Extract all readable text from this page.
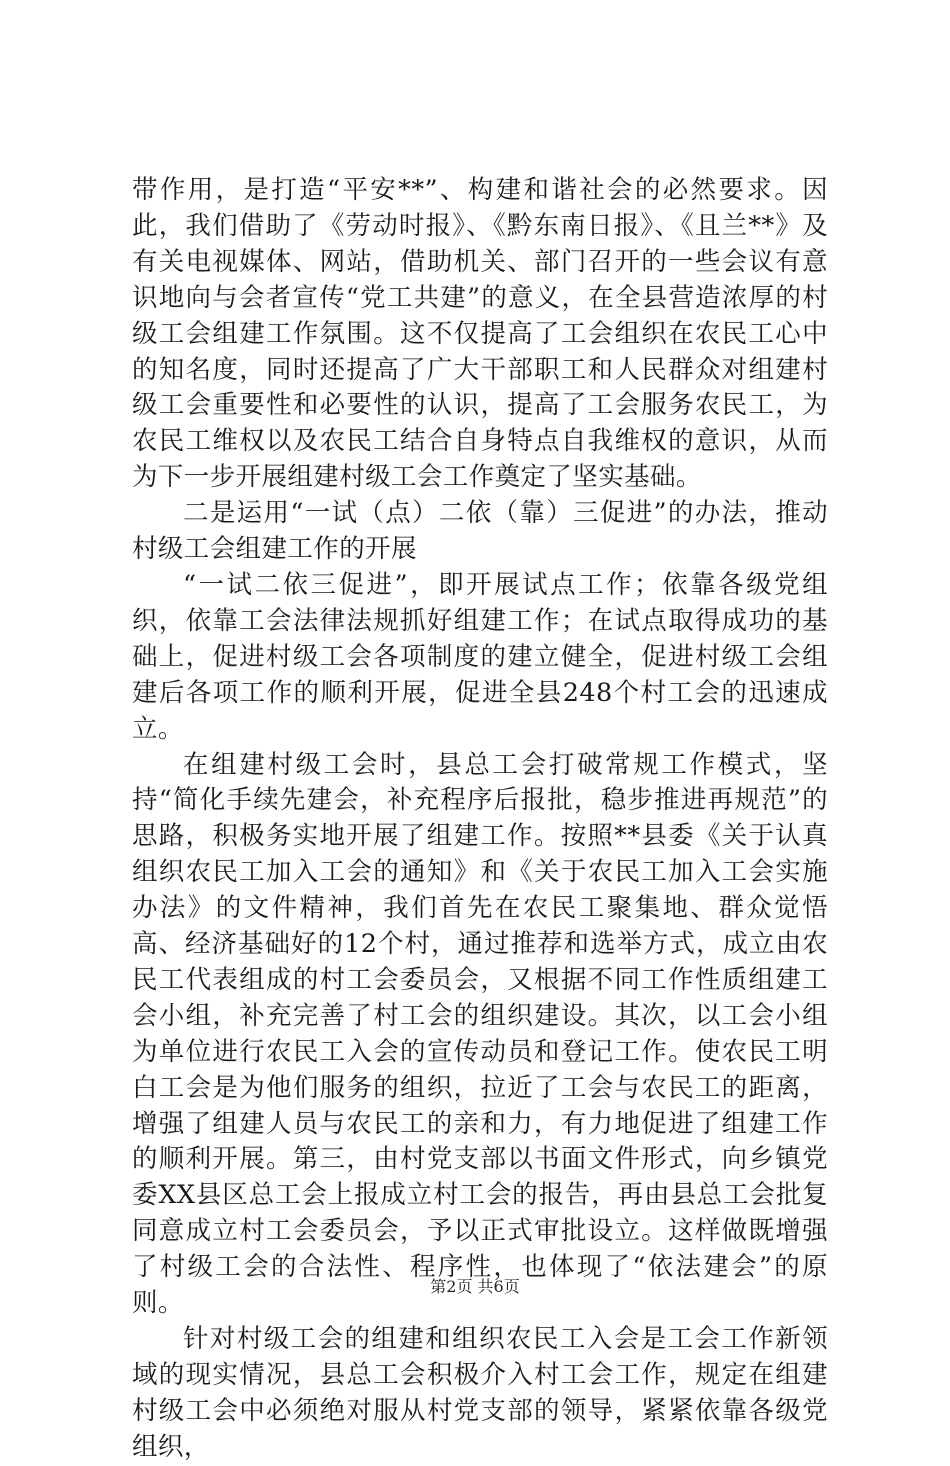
带作用，是打造“平安**”、构建和谐社会的必然要求。因此，我们借助了《劳动时报》、《黔东南日报》、《且兰**》及有关电视媒体、网站，借助机关、部门召开的一些会议有意识地向与会者宣传“党工共建”的意义，在全县营造浓厚的村级工会组建工作氛围。这不仅提高了工会组织在农民工心中的知名度，同时还提高了广大干部职工和人民群众对组建村级工会重要性和必要性的认识，提高了工会服务农民工，为农民工维权以及农民工结合自身特点自我维权的意识，从而为下一步开展组建村级工会工作奠定了坚实基础。

二是运用“一试（点）二依（靠）三促进”的办法，推动村级工会组建工作的开展

“一试二依三促进”，即开展试点工作；依靠各级党组织，依靠工会法律法规抓好组建工作；在试点取得成功的基础上，促进村级工会各项制度的建立健全，促进村级工会组建后各项工作的顺利开展，促进全县248个村工会的迅速成立。

在组建村级工会时，县总工会打破常规工作模式，坚持“简化手续先建会，补充程序后报批，稳步推进再规范”的思路，积极务实地开展了组建工作。按照**县委《关于认真组织农民工加入工会的通知》和《关于农民工加入工会实施办法》的文件精神，我们首先在农民工聚集地、群众觉悟高、经济基础好的12个村，通过推荐和选举方式，成立由农民工代表组成的村工会委员会，又根据不同工作性质组建工会小组，补充完善了村工会的组织建设。其次，以工会小组为单位进行农民工入会的宣传动员和登记工作。使农民工明白工会是为他们服务的组织，拉近了工会与农民工的距离，增强了组建人员与农民工的亲和力，有力地促进了组建工作的顺利开展。第三，由村党支部以书面文件形式，向乡镇党委XX县区总工会上报成立村工会的报告，再由县总工会批复同意成立村工会委员会，予以正式审批设立。这样做既增强了村级工会的合法性、程序性，也体现了“依法建会”的原则。

针对村级工会的组建和组织农民工入会是工会工作新领域的现实情况，县总工会积极介入村工会工作，规定在组建村级工会中必须绝对服从村党支部的领导，紧紧依靠各级党组织，

第2页 共6页
